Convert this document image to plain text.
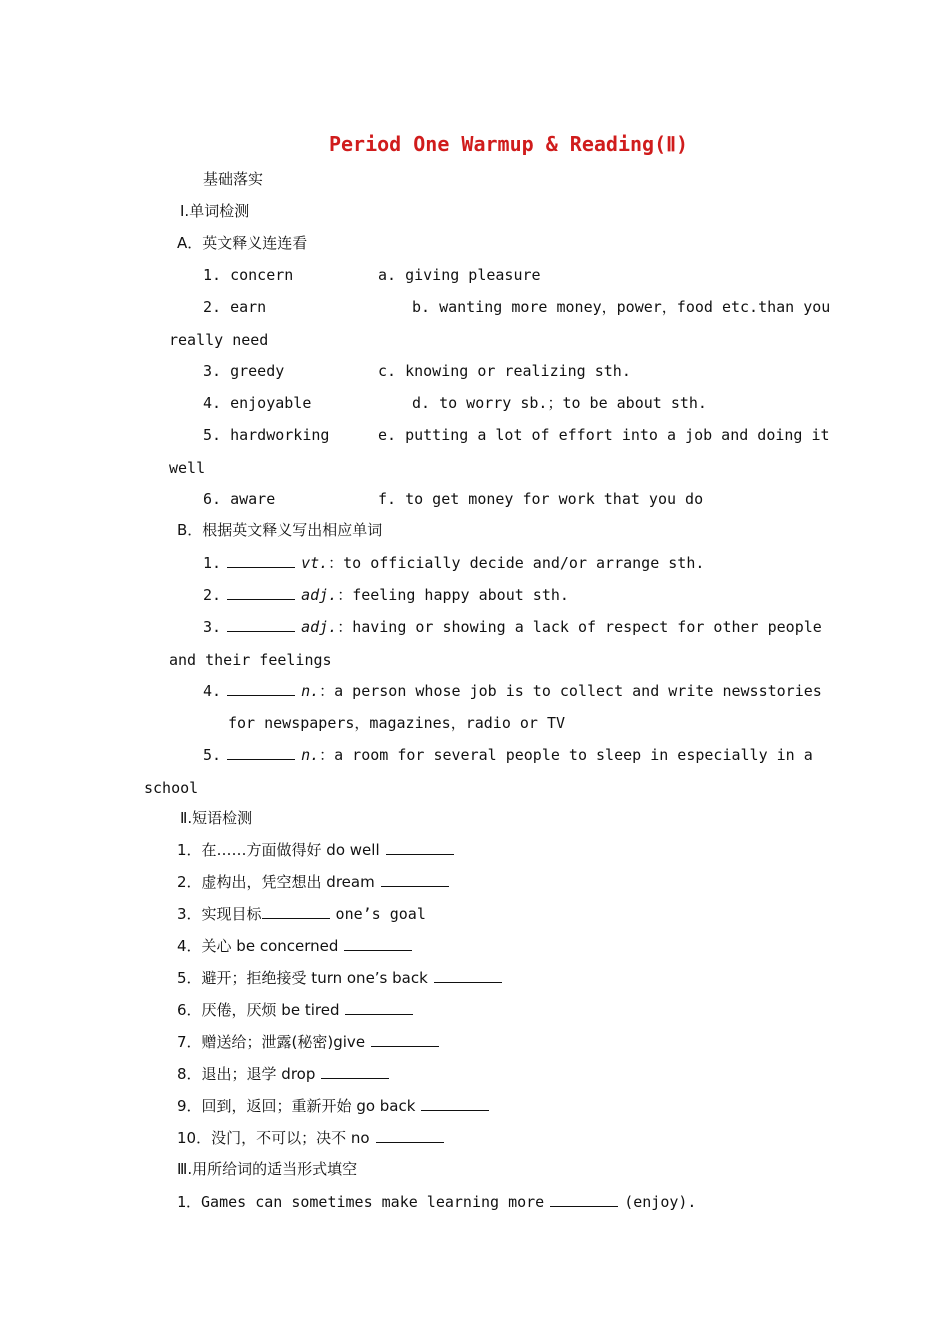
Period One Warmup & Reading(Ⅱ)
基础落实
Ⅰ.单词检测
A．英文释义连连看
1. concern	a. giving pleasure
2. earn	b. wanting more money，power，food etc.than you
really need
3. greedy	c. knowing or realizing sth.
4. enjoyable	d. to worry sb.；to be about sth.
5. hardworking	e. putting a lot of effort into a job and doing it
well
6. aware	f. to get money for work that you do
B．根据英文释义写出相应单词
1.	vt.：to officially decide and/or arrange sth.
2.	adj.：feeling happy about sth.
3.	adj.：having or showing a lack of respect for other people
and their feelings
4.	n.：a person whose job is to collect and write newsstories
for newspapers，magazines，radio or TV
5.	n.：a room for several people to sleep in especially in a
school
Ⅱ.短语检测
1．在……方面做得好 do well
2．虚构出，凭空想出 dream
3．实现目标	one’s goal
4．关心 be concerned
5．避开；拒绝接受 turn one’s back
6．厌倦，厌烦 be tired
7．赠送给；泄露(秘密)give
8．退出；退学 drop
9．回到，返回；重新开始 go back
10．没门，不可以；决不 no
Ⅲ.用所给词的适当形式填空
1．Games can sometimes make learning more	(enjoy).
